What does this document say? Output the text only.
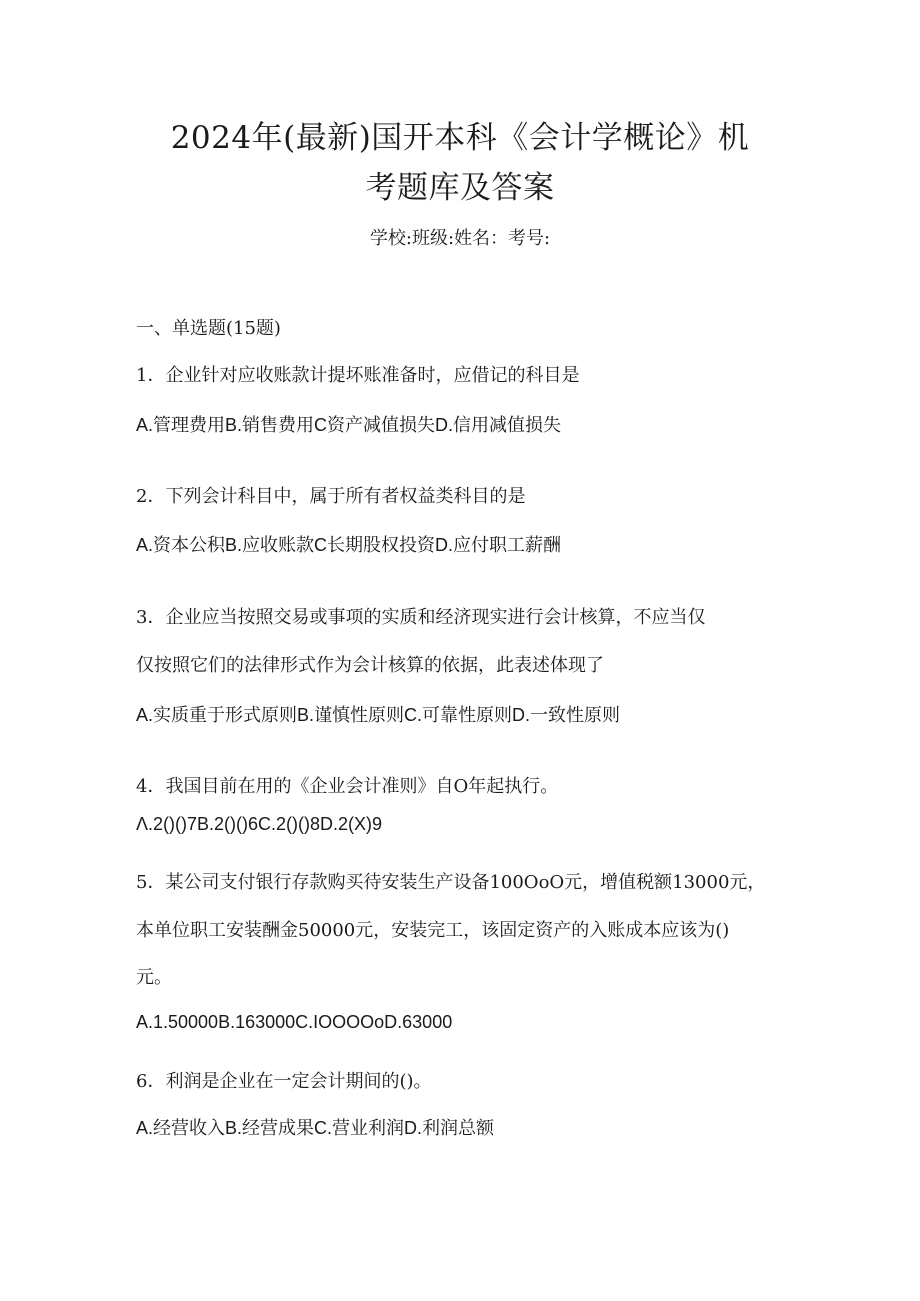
2024年(最新)国开本科《会计学概论》机
考题库及答案
学校:班级:姓名：考号:
一、单选题(15题)
1．企业针对应收账款计提坏账准备时，应借记的科目是
A.管理费用B.销售费用C资产减值损失D.信用减值损失
2．下列会计科目中，属于所有者权益类科目的是
A.资本公积B.应收账款C长期股权投资D.应付职工薪酬
3．企业应当按照交易或事项的实质和经济现实进行会计核算，不应当仅
仅按照它们的法律形式作为会计核算的依据，此表述体现了
A.实质重于形式原则B.谨慎性原则C.可靠性原则D.一致性原则
4．我国目前在用的《企业会计准则》自O年起执行。
Λ.2()()7B.2()()6C.2()()8D.2(X)9
5．某公司支付银行存款购买待安装生产设备100OoO元，增值税额13000元，
本单位职工安装酬金50000元，安装完工，该固定资产的入账成本应该为()
元。
A.1.50000B.163000C.IOOOOoD.63000
6．利润是企业在一定会计期间的()。
A.经营收入B.经营成果C.营业利润D.利润总额
